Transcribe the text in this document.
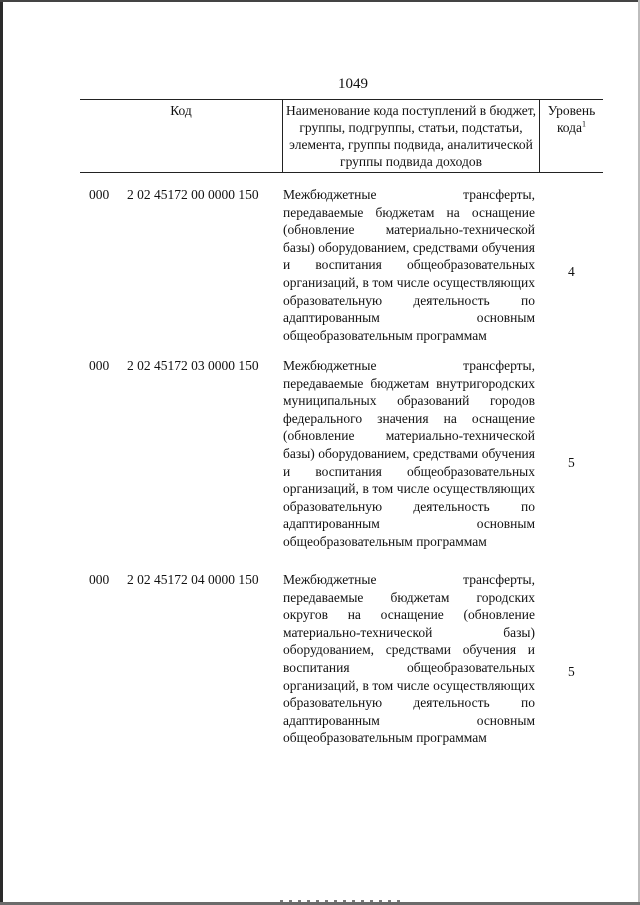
1049
Код	Наименование кода поступлений в бюджет, группы, подгруппы, статьи, подстатьи, элемента, группы подвида, аналитической группы подвида доходов
Уровень
кода$^1$
000 2 02 45172 00 0000 150 Межбюджетные трансферты, передаваемые бюджетам на оснащение (обновление материально-технической базы) оборудованием, средствами обучения и воспитания общеобразовательных организаций, в том числе осуществляющих образовательную деятельность по адаптированным основным общеобразовательным программам
4
000 2 02 45172 03 0000 150 Межбюджетные трансферты, передаваемые бюджетам внутригородских муниципальных образований городов федерального значения на оснащение (обновление материально-технической базы) оборудованием, средствами обучения и воспитания общеобразовательных организаций, в том числе осуществляющих образовательную деятельность по адаптированным основным общеобразовательным программам
5
000 2 02 45172 04 0000 150 Межбюджетные трансферты, передаваемые бюджетам городских округов на оснащение (обновление материально-технической базы) оборудованием, средствами обучения и воспитания общеобразовательных организаций, в том числе осуществляющих образовательную деятельность по адаптированным основным общеобразовательным программам
5
